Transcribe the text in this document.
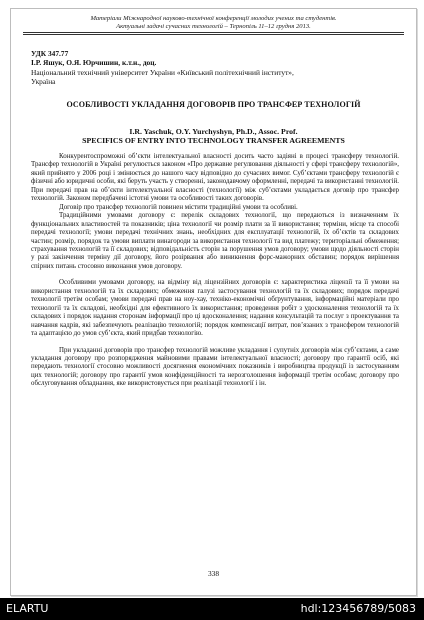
Матеріали Міжнародної науково-технічної конференції молодих учених та студентів.
Актуальні задачі сучасних технологій – Тернопіль 11–12 грудня 2013.
УДК 347.77
І.Р. Яшук, О.Я. Юрчишин, к.т.н., доц.
Національний технічний університет України «Київський політехнічний інститут»,
Україна
ОСОБЛИВОСТІ УКЛАДАННЯ ДОГОВОРІВ ПРО ТРАНСФЕР ТЕХНОЛОГІЙ
I.R. Yaschuk, O.Y. Yurchyshyn, Ph.D., Assoc. Prof.
SPECIFICS OF ENTRY INTO TECHNOLOGY TRANSFER AGREEMENTS

Конкурентоспроможні об’єкти інтелектуальної власності досить часто задіяні в процесі трансферу технологій. Трансфер технологій в Україні регулюється законом «Про державне регулювання діяльності у сфері трансферу технологій», який прийнято у 2006 році і змінюється до нашого часу відповідно до сучасних вимог. Суб’єктами трансферу технологій є фізичні або юридичні особи, які беруть участь у створенні, законодавчому оформленні, передачі та використанні технологій. При передачі прав на об’єкти інтелектуальної власності (технології) між суб’єктами укладається договір про трансфер технологій. Законом передбачені істотні умови та особливості таких договорів.

Договір про трансфер технологій повинен містити традиційні умови та особливі.

Традиційними умовами договору є: перелік складових технології, що передаються із визначенням їх функціональних властивостей та показників; ціна технології чи розмір плати за її використання; терміни, місце та способі передачі технології; умови передачі технічних знань, необхідних для експлуатації технологій, їх об’єктів та складових частин; розмір, порядок та умови виплати винагороди за використання технології та вид платежу; територіальні обмеження; страхування технологій та її складових; відповідальність сторін за порушення умов договору; умови щодо діяльності сторін у разі закінчення терміну дії договору, його розірвання або виникнення форс-мажорних обставин; порядок вирішення спірних питань стосовно виконання умов договору.

Особливими умовами договору, на відміну від ліцензійних договорів є: характеристика ліцензії та її умови на використання технологій та їх складових; обмеження галузі застосування технологій та їх складових; порядок передачі технології третім особам; умови передачі прав на ноу-хау, техніко-економічні обґрунтування, інформаційні матеріали про технології та їх складові, необхідні для ефективного їх використання; проведення робіт з удосконалення технологій та їх складових і порядок надання сторонам інформації про ці вдосконалення; надання консультацій та послуг з проектування та навчання кадрів, які забезпечують реалізацію технологій; порядок компенсації витрат, пов’язаних з трансфером технологій та адаптацією до умов суб’єкта, який придбав технологію.

При укладанні договорів про трансфер технологій можливе укладання і супутніх договорів між суб’єктами, а саме укладання договору про розпорядження майновими правами інтелектуальної власності; договору про гарантії осіб, які передають технології стосовно можливості досягнення економічних показників і виробництва продукції із застосуванням цих технологій; договору про гарантії умов конфіденційності та нерозголошення інформації третім особам; договору про обслуговування обладнання, яке використовується при реалізації технології і ін.

338
ELARTU	hdl:123456789/5083
